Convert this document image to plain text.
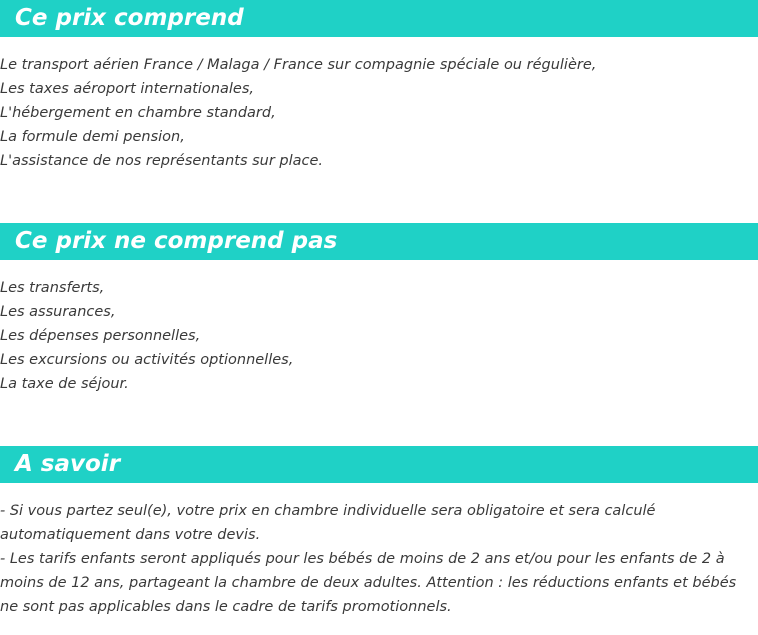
Ce prix comprend
Le transport aérien France / Malaga / France sur compagnie spéciale ou régulière,
Les taxes aéroport internationales,
L'hébergement en chambre standard,
La formule demi pension,
L'assistance de nos représentants sur place.
Ce prix ne comprend pas
Les transferts,
Les assurances,
Les dépenses personnelles,
Les excursions ou activités optionnelles,
La taxe de séjour.
A savoir
- Si vous partez seul(e), votre prix en chambre individuelle sera obligatoire et sera calculé automatiquement dans votre devis.
- Les tarifs enfants seront appliqués pour les bébés de moins de 2 ans et/ou pour les enfants de 2 à moins de 12 ans, partageant la chambre de deux adultes. Attention : les réductions enfants et bébés ne sont pas applicables dans le cadre de tarifs promotionnels.
